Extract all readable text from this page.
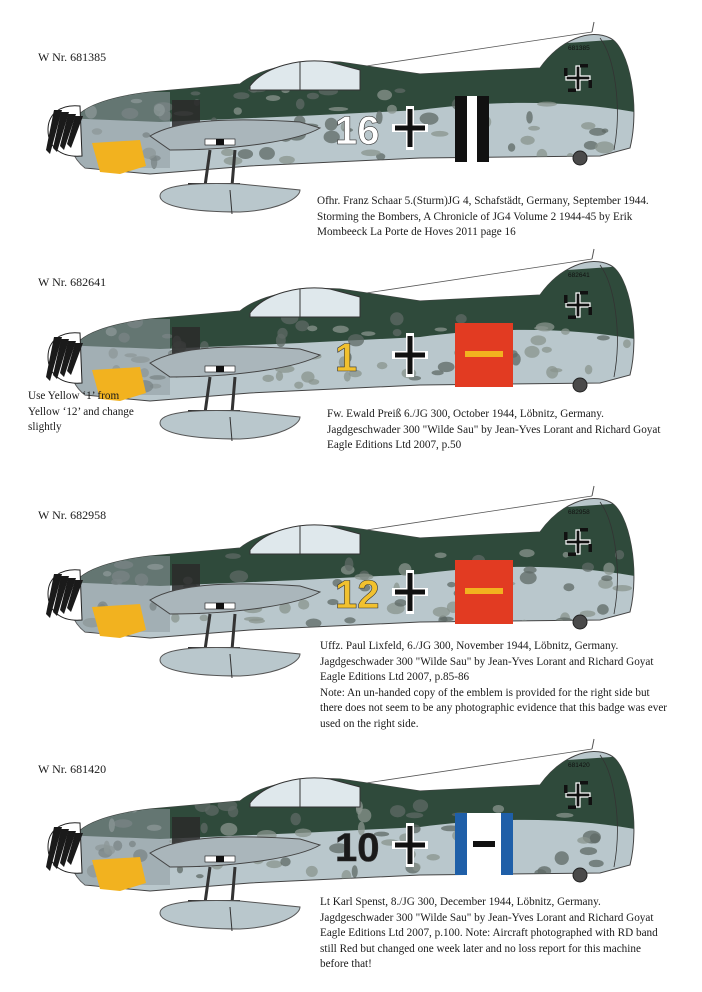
W Nr. 681385
W Nr. 682641
W Nr. 682958
W Nr. 681420
16
681385
1
682641
12
682958
10
681420
Ofhr. Franz Schaar 5.(Sturm)JG 4, Schafstädt, Germany, September 1944.
Storming the Bombers, A Chronicle of JG4 Volume 2 1944-45 by Erik
Mombeeck La Porte de Hoves 2011 page 16
Fw. Ewald Preiß 6./JG 300, October 1944, Löbnitz, Germany.
Jagdgeschwader 300 "Wilde Sau" by Jean-Yves Lorant and Richard Goyat
Eagle Editions Ltd 2007, p.50
Uffz. Paul Lixfeld, 6./JG 300, November 1944, Löbnitz, Germany.
Jagdgeschwader 300 "Wilde Sau" by Jean-Yves Lorant and Richard Goyat
Eagle Editions Ltd 2007, p.85-86
Note: An un-handed copy of the emblem is provided for the right side but
there does not seem to be any photographic evidence that this badge was ever
used on the right side.
Lt Karl Spenst, 8./JG 300, December 1944, Löbnitz, Germany.
Jagdgeschwader 300 "Wilde Sau" by Jean-Yves Lorant and Richard Goyat
Eagle Editions Ltd 2007, p.100. Note: Aircraft photographed with RD band
still Red but changed one week later and no loss report for this machine
before that!
Use Yellow ‘1’ from
Yellow ‘12’ and change
slightly
